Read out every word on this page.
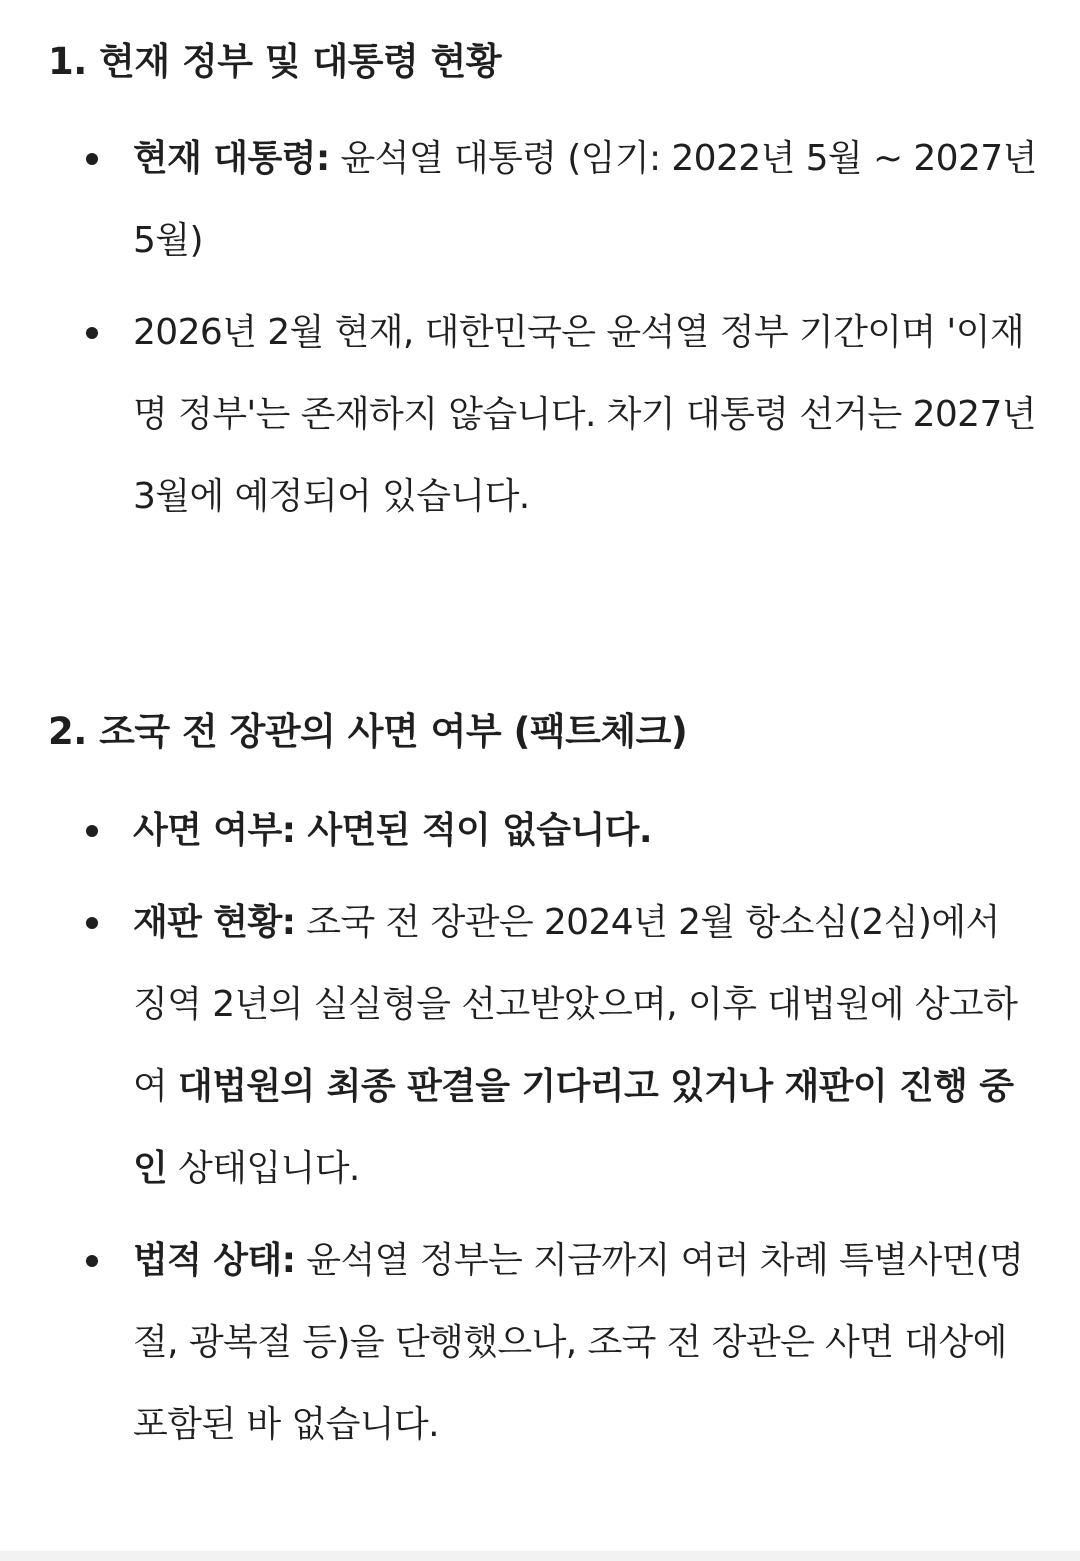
1. 현재 정부 및 대통령 현황
현재 대통령: 윤석열 대통령 (임기: 2022년 5월 ~ 2027년 5월)
2026년 2월 현재, 대한민국은 윤석열 정부 기간이며 '이재명 정부'는 존재하지 않습니다. 차기 대통령 선거는 2027년 3월에 예정되어 있습니다.
2. 조국 전 장관의 사면 여부 (팩트체크)
사면 여부: 사면된 적이 없습니다.
재판 현황: 조국 전 장관은 2024년 2월 항소심(2심)에서 징역 2년의 실실형을 선고받았으며, 이후 대법원에 상고하여 대법원의 최종 판결을 기다리고 있거나 재판이 진행 중인 상태입니다.
법적 상태: 윤석열 정부는 지금까지 여러 차례 특별사면(명절, 광복절 등)을 단행했으나, 조국 전 장관은 사면 대상에 포함된 바 없습니다.
